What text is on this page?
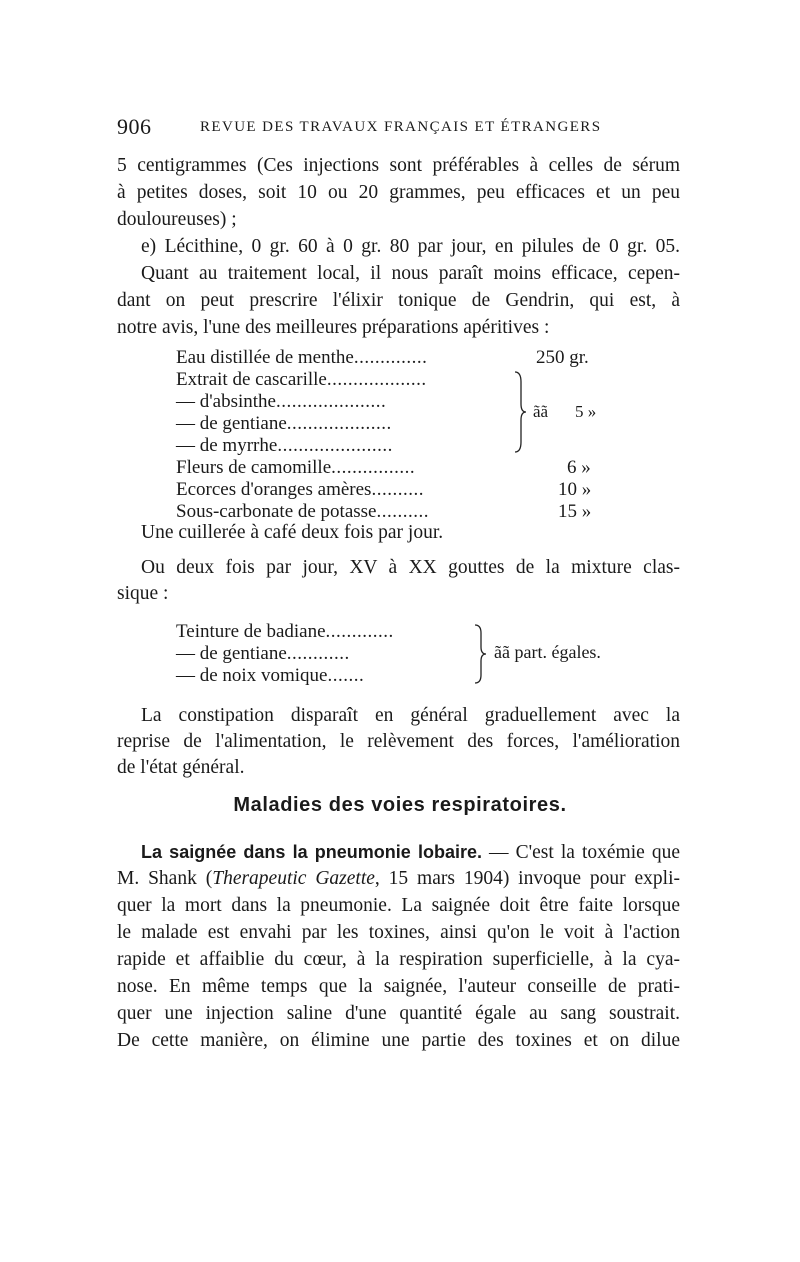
906	REVUE DES TRAVAUX FRANÇAIS ET ÉTRANGERS
5 centigrammes (Ces injections sont préférables à celles de sérum
à petites doses, soit 10 ou 20 grammes, peu efficaces et un peu
douloureuses) ;
e) Lécithine, 0 gr. 60 à 0 gr. 80 par jour, en pilules de 0 gr. 05.
Quant au traitement local, il nous paraît moins efficace, cepen-
dant on peut prescrire l'élixir tonique de Gendrin, qui est, à
notre avis, l'une des meilleures préparations apéritives :
Eau distillée de menthe..............	250 gr.
Extrait de cascarille...................
— d'absinthe.....................
— de gentiane....................
— de myrrhe......................
ãã 5 »
Fleurs de camomille................	6 »
Ecorces d'oranges amères..........	10 »
Sous-carbonate de potasse..........	15 »
Une cuillerée à café deux fois par jour.
Ou deux fois par jour, XV à XX gouttes de la mixture clas-
sique :
Teinture de badiane.............
— de gentiane............
— de noix vomique.......
ãã part. égales.
La constipation disparaît en général graduellement avec la
reprise de l'alimentation, le relèvement des forces, l'amélioration
de l'état général.
Maladies des voies respiratoires.
La saignée dans la pneumonie lobaire. — C'est la toxémie que
M. Shank (Therapeutic Gazette, 15 mars 1904) invoque pour expli-
quer la mort dans la pneumonie. La saignée doit être faite lorsque
le malade est envahi par les toxines, ainsi qu'on le voit à l'action
rapide et affaiblie du cœur, à la respiration superficielle, à la cya-
nose. En même temps que la saignée, l'auteur conseille de prati-
quer une injection saline d'une quantité égale au sang soustrait.
De cette manière, on élimine une partie des toxines et on dilue
